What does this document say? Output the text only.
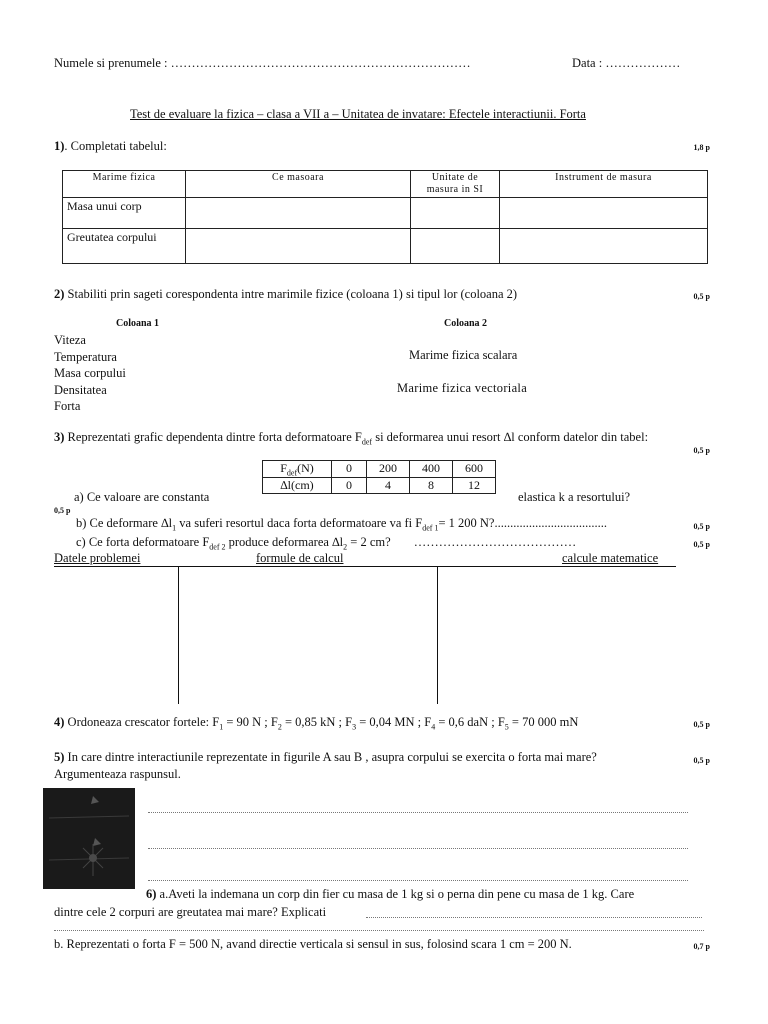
Numele si prenumele : ………………………………………………………………	Data : ………………
Test de evaluare la fizica – clasa a VII a – Unitatea de invatare: Efectele interactiunii. Forta
1). Completati tabelul:	1,8 p
Marime fizica	Ce masoara	Unitate de masura in SI	Instrument de masura
Masa unui corp			
Greutatea corpului			
2) Stabiliti prin sageti corespondenta intre marimile fizice (coloana 1) si tipul lor (coloana 2)	0,5 p
Coloana 1	Coloana 2
Viteza
Temperatura
Masa corpului
Densitatea
Forta
Marime fizica scalara
Marime fizica vectoriala
3) Reprezentati grafic dependenta dintre forta deformatoare $F_{def}$ si deformarea unui resort ∆l conform datelor din tabel:
0,5 p
$F_{def}(N)$	0	200	400	600
∆l(cm)	0	4	8	12
a) Ce valoare are constanta	elastica k a resortului?
0,5 p
b) Ce deformare $\Delta l_1$ va suferi resortul daca forta deformatoare va fi $F_{def 1}= 1$ 200 N?....................................	0,5 p
c) Ce forta deformatoare $F_{def 2}$ produce deformarea $\Delta l_2 = 2$ cm? …………………………………	0,5 p
Datele problemei	formule de calcul	calcule matematice
4) Ordoneaza crescator fortele: $F_1 = 90$ N ; $F_2 = 0,85$ kN ; $F_3 = 0,04$ MN ; $F_4 = 0,6$ daN ; $F_5 = 70$ 000 mN	0,5 p
5) In care dintre interactiunile reprezentate in figurile A sau B , asupra corpului se exercita o forta mai mare?
Argumenteaza raspunsul.
0,5 p
6) a.Aveti la indemana un corp din fier cu masa de 1 kg si o perna din pene cu masa de 1 kg. Care
dintre cele 2 corpuri are greutatea mai mare? Explicati
b. Reprezentati o forta F = 500 N, avand directie verticala si sensul in sus, folosind scara 1 cm = 200 N.	0,7 p
